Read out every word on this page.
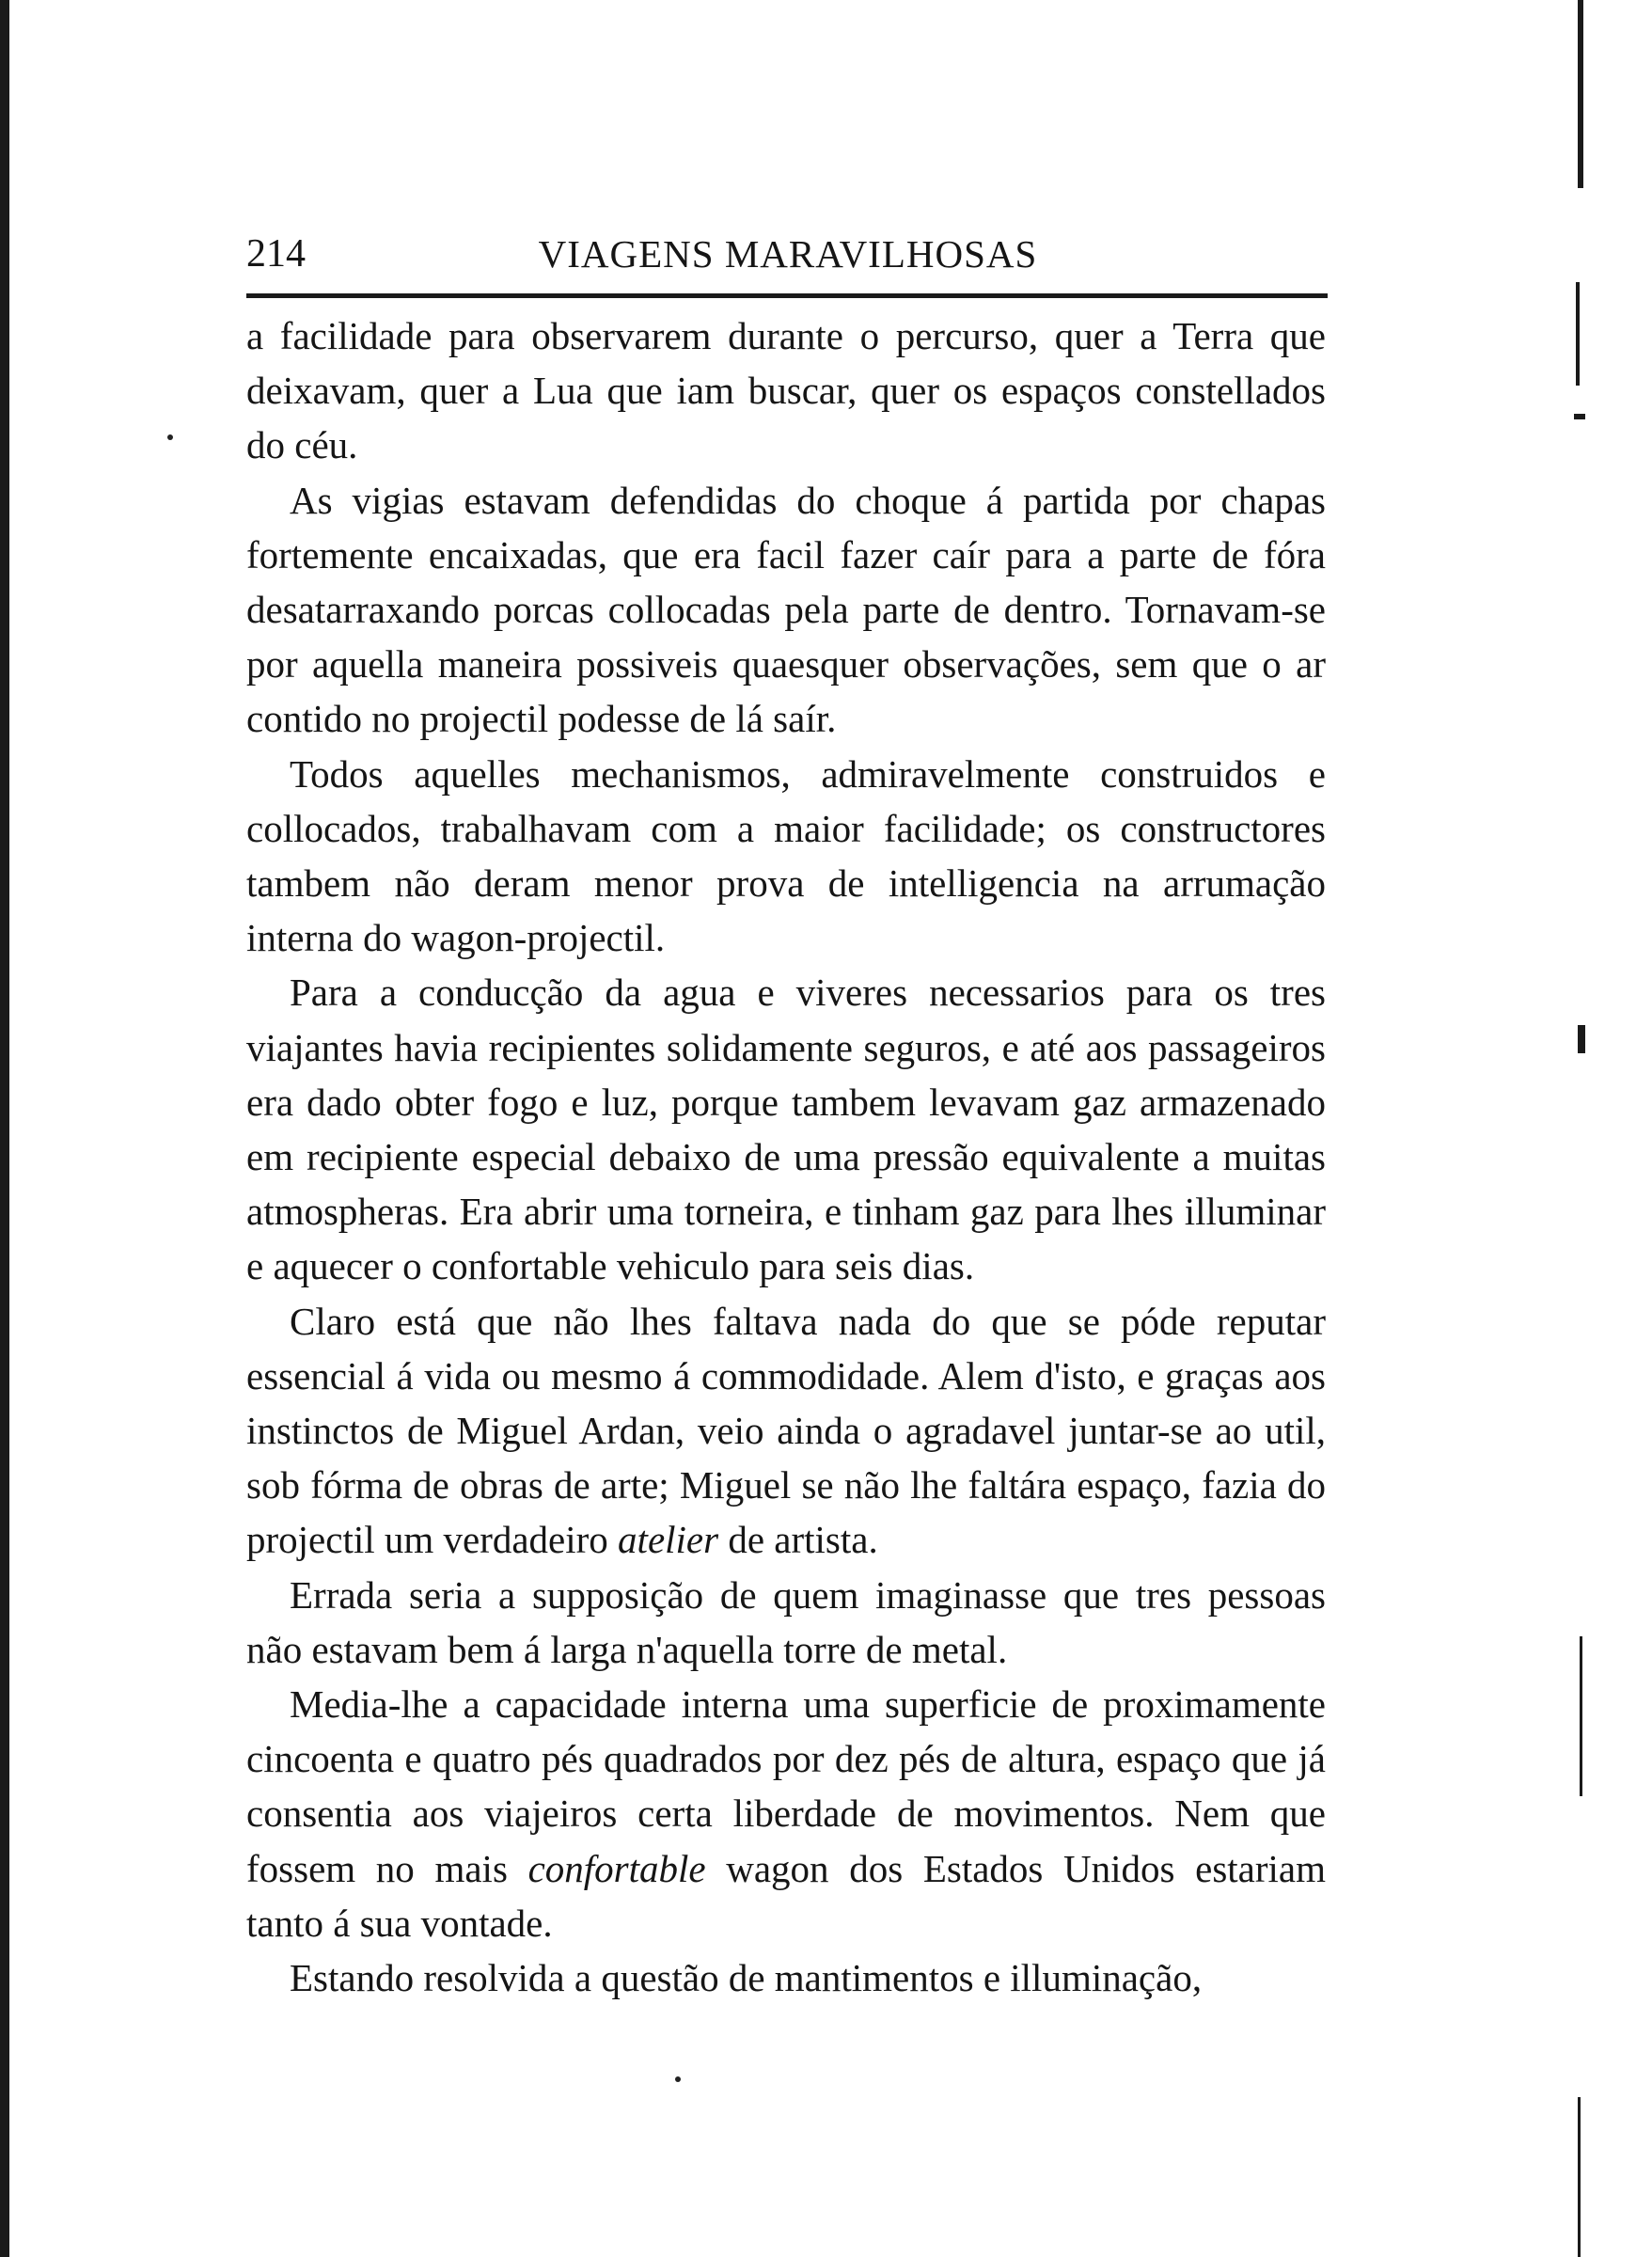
214	VIAGENS MARAVILHOSAS

a facilidade para observarem durante o percurso, quer a Terra que deixavam, quer a Lua que iam buscar, quer os espaços constellados do céu.

As vigias estavam defendidas do choque á partida por chapas fortemente encaixadas, que era facil fazer caír para a parte de fóra desatarraxando porcas collocadas pela parte de dentro. Tornavam-se por aquella maneira possiveis quaesquer observações, sem que o ar contido no projectil podesse de lá saír.

Todos aquelles mechanismos, admiravelmente construidos e collocados, trabalhavam com a maior facilidade; os constructores tambem não deram menor prova de intelligencia na arrumação interna do wagon-projectil.

Para a conducção da agua e viveres necessarios para os tres viajantes havia recipientes solidamente seguros, e até aos passageiros era dado obter fogo e luz, porque tambem levavam gaz armazenado em recipiente especial debaixo de uma pressão equivalente a muitas atmospheras. Era abrir uma torneira, e tinham gaz para lhes illuminar e aquecer o confortable vehiculo para seis dias.

Claro está que não lhes faltava nada do que se póde reputar essencial á vida ou mesmo á commodidade. Alem d'isto, e graças aos instinctos de Miguel Ardan, veio ainda o agradavel juntar-se ao util, sob fórma de obras de arte; Miguel se não lhe faltára espaço, fazia do projectil um verdadeiro atelier de artista.

Errada seria a supposição de quem imaginasse que tres pessoas não estavam bem á larga n'aquella torre de metal.

Media-lhe a capacidade interna uma superficie de proximamente cincoenta e quatro pés quadrados por dez pés de altura, espaço que já consentia aos viajeiros certa liberdade de movimentos. Nem que fossem no mais confortable wagon dos Estados Unidos estariam tanto á sua vontade.

Estando resolvida a questão de mantimentos e illuminação,
